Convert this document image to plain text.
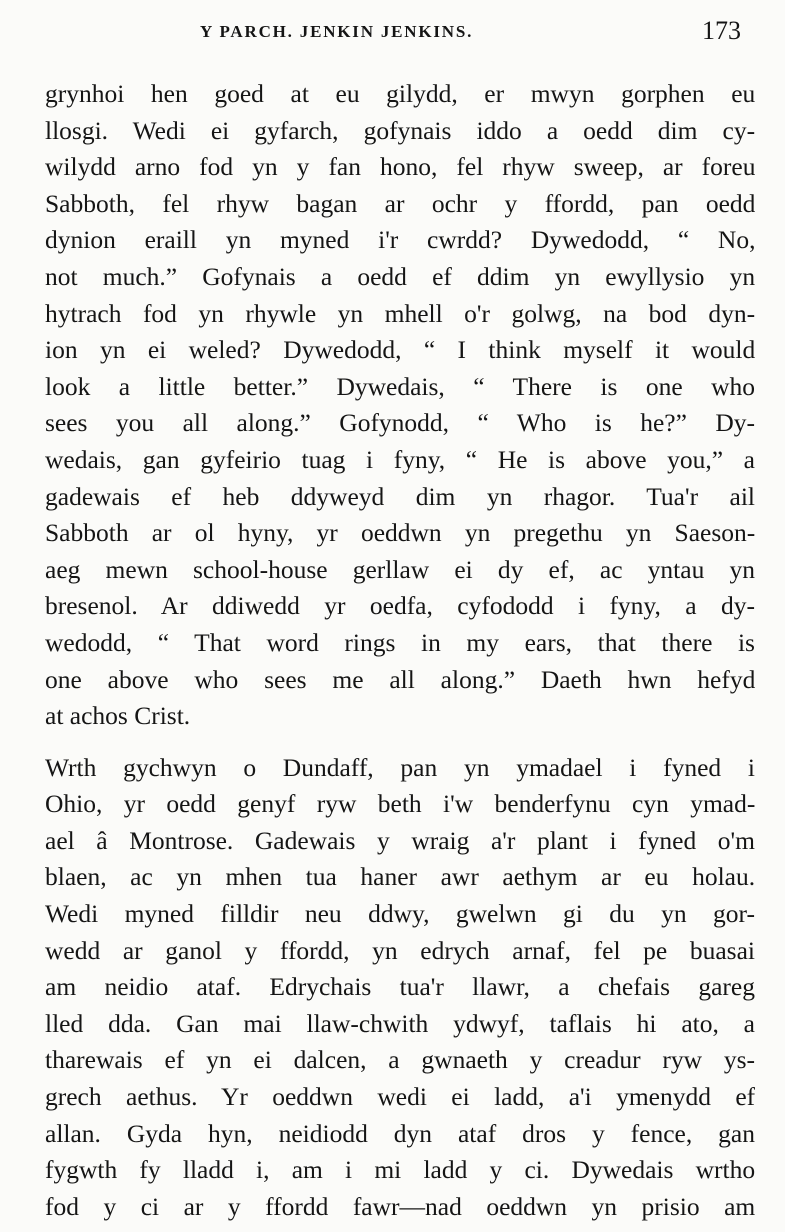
Y PARCH. JENKIN JENKINS.	173
grynhoi hen goed at eu gilydd, er mwyn gorphen eu
llosgi. Wedi ei gyfarch, gofynais iddo a oedd dim cy-
wilydd arno fod yn y fan hono, fel rhyw sweep, ar foreu
Sabboth, fel rhyw bagan ar ochr y ffordd, pan oedd
dynion eraill yn myned i'r cwrdd? Dywedodd, “ No,
not much.” Gofynais a oedd ef ddim yn ewyllysio yn
hytrach fod yn rhywle yn mhell o'r golwg, na bod dyn-
ion yn ei weled? Dywedodd, “ I think myself it would
look a little better.” Dywedais, “ There is one who
sees you all along.” Gofynodd, “ Who is he?” Dy-
wedais, gan gyfeirio tuag i fyny, “ He is above you,” a
gadewais ef heb ddyweyd dim yn rhagor. Tua'r ail
Sabboth ar ol hyny, yr oeddwn yn pregethu yn Saeson-
aeg mewn school-house gerllaw ei dy ef, ac yntau yn
bresenol. Ar ddiwedd yr oedfa, cyfododd i fyny, a dy-
wedodd, “ That word rings in my ears, that there is
one above who sees me all along.” Daeth hwn hefyd
at achos Crist.
Wrth gychwyn o Dundaff, pan yn ymadael i fyned i
Ohio, yr oedd genyf ryw beth i'w benderfynu cyn ymad-
ael â Montrose. Gadewais y wraig a'r plant i fyned o'm
blaen, ac yn mhen tua haner awr aethym ar eu holau.
Wedi myned filldir neu ddwy, gwelwn gi du yn gor-
wedd ar ganol y ffordd, yn edrych arnaf, fel pe buasai
am neidio ataf. Edrychais tua'r llawr, a chefais gareg
lled dda. Gan mai llaw-chwith ydwyf, taflais hi ato, a
tharewais ef yn ei dalcen, a gwnaeth y creadur ryw ys-
grech aethus. Yr oeddwn wedi ei ladd, a'i ymenydd ef
allan. Gyda hyn, neidiodd dyn ataf dros y fence, gan
fygwth fy lladd i, am i mi ladd y ci. Dywedais wrtho
fod y ci ar y ffordd fawr—nad oeddwn yn prisio am
